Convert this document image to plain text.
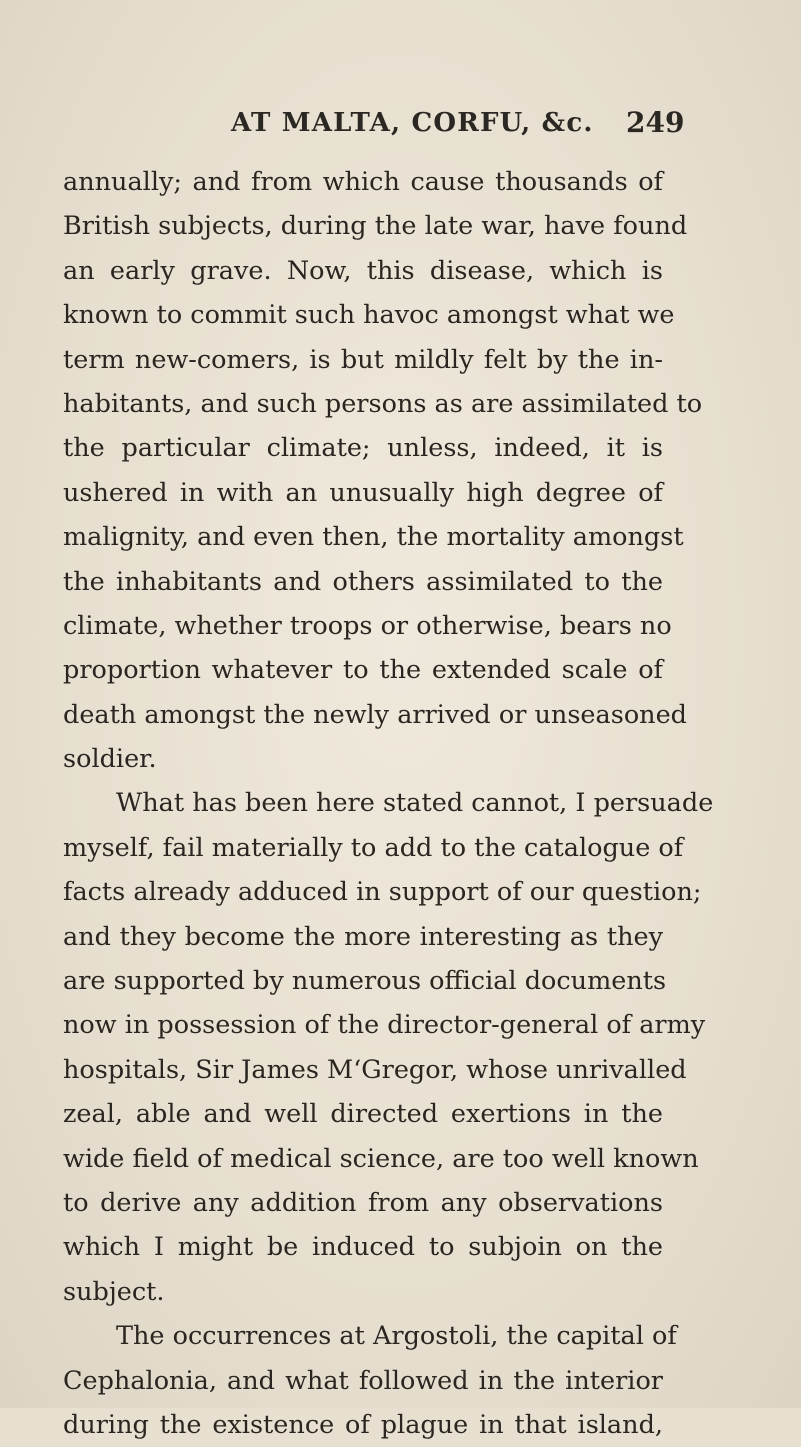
AT MALTA, CORFU, &c. 249
annually; and from which cause thousands of
British subjects, during the late war, have found
an early grave. Now, this disease, which is
known to commit such havoc amongst what we
term new-comers, is but mildly felt by the in-
habitants, and such persons as are assimilated to
the particular climate; unless, indeed, it is
ushered in with an unusually high degree of
malignity, and even then, the mortality amongst
the inhabitants and others assimilated to the
climate, whether troops or otherwise, bears no
proportion whatever to the extended scale of
death amongst the newly arrived or unseasoned
soldier.
What has been here stated cannot, I persuade
myself, fail materially to add to the catalogue of
facts already adduced in support of our question;
and they become the more interesting as they
are supported by numerous official documents
now in possession of the director-general of army
hospitals, Sir James M‘Gregor, whose unrivalled
zeal, able and well directed exertions in the
wide field of medical science, are too well known
to derive any addition from any observations
which I might be induced to subjoin on the
subject.
The occurrences at Argostoli, the capital of
Cephalonia, and what followed in the interior
during the existence of plague in that island,
